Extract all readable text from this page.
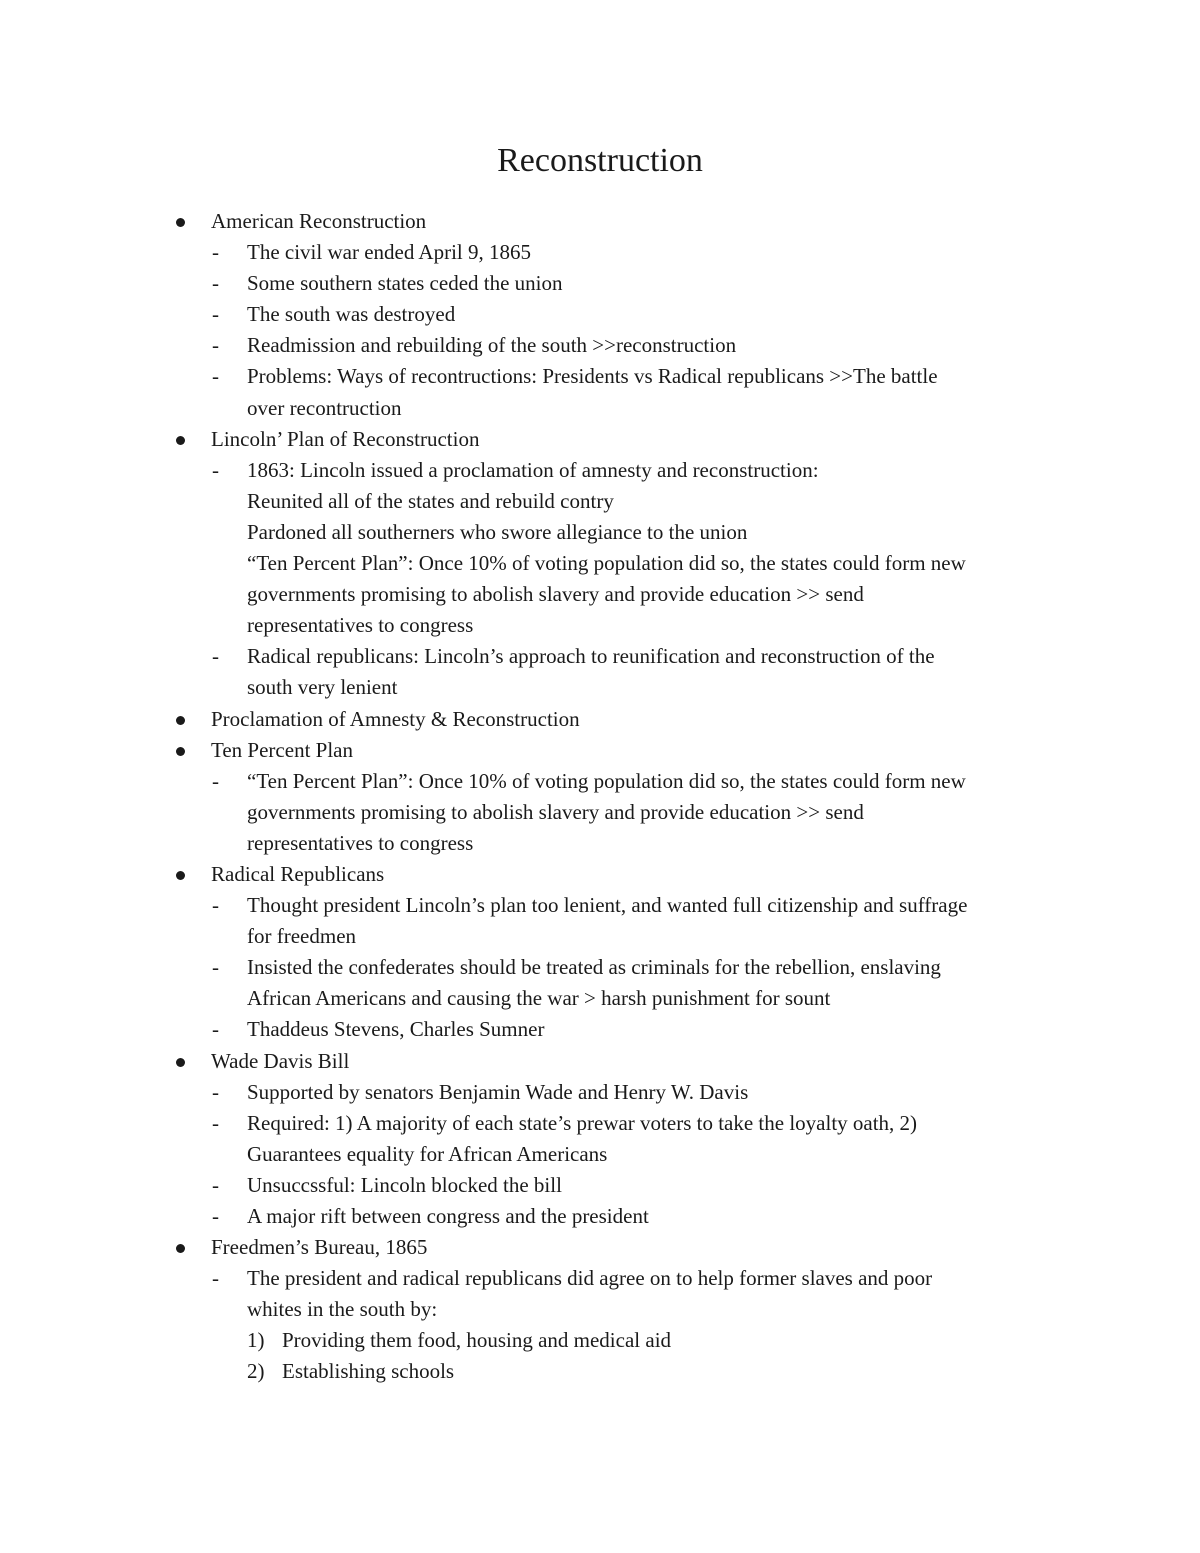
Reconstruction
American Reconstruction
- The civil war ended April 9, 1865
- Some southern states ceded the union
- The south was destroyed
- Readmission and rebuilding of the south >>reconstruction
- Problems: Ways of recontructions: Presidents vs Radical republicans >>The battle
over recontruction
Lincoln’ Plan of Reconstruction
- 1863: Lincoln issued a proclamation of amnesty and reconstruction:
Reunited all of the states and rebuild contry
Pardoned all southerners who swore allegiance to the union
“Ten Percent Plan”: Once 10% of voting population did so, the states could form new
governments promising to abolish slavery and provide education >> send
representatives to congress
- Radical republicans: Lincoln’s approach to reunification and reconstruction of the
south very lenient
Proclamation of Amnesty & Reconstruction
Ten Percent Plan
- “Ten Percent Plan”: Once 10% of voting population did so, the states could form new
governments promising to abolish slavery and provide education >> send
representatives to congress
Radical Republicans
- Thought president Lincoln’s plan too lenient, and wanted full citizenship and suffrage
for freedmen
- Insisted the confederates should be treated as criminals for the rebellion, enslaving
African Americans and causing the war > harsh punishment for sount
- Thaddeus Stevens, Charles Sumner
Wade Davis Bill
- Supported by senators Benjamin Wade and Henry W. Davis
- Required: 1) A majority of each state’s prewar voters to take the loyalty oath, 2)
Guarantees equality for African Americans
- Unsuccssful: Lincoln blocked the bill
- A major rift between congress and the president
Freedmen’s Bureau, 1865
- The president and radical republicans did agree on to help former slaves and poor
whites in the south by:
1) Providing them food, housing and medical aid
2) Establishing schools
